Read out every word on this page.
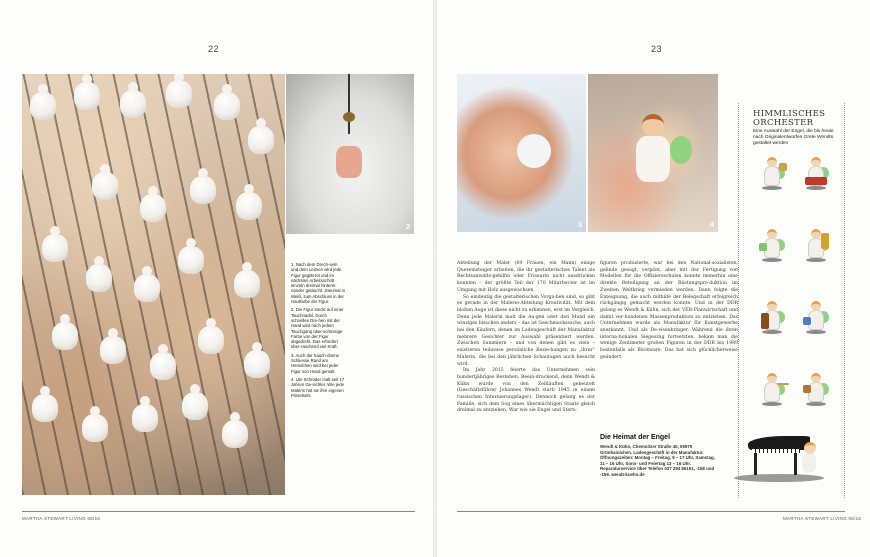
22	23
2	3	4

1. Nach dem Drech-seln und dem Leimen wird jede Figur geglät-tet und im nächsten Arbeitsschritt einzeln dreimal hinterei-nander getaucht. Zweimal in Weiß, zum Abschluss in der Hautfarbe der Figur.

2. Die Figur steckt auf einer Tauchnadel. Durch schnelles Dre-hen mit der Hand wird nach jedem Tauchgang über-schüssige Farbe von der Figur abgedreht. Das erfordert über-raschend viel Kraft.

3. Auch der hauch-dünne Schliesse Rand am Hemdchen wird bei jeder Figur von Hand gemalt.

4. Ute Schröder malt seit 17 Jahren Ge-sichter. Wie jede Malerin hat sie ihre eigenen Pinselsets.

Abteilung der Maler (69 Frauen, ein Mann) einige Quereinsteiger arbeiten, die ihr gestalterisches Talent als Rechtsanwalts-gehilfin oder Friseurin nicht ausdrücken konnten – der größte Teil der 170 Mitarbei-ter ist im Umgang mit Holz ausgewachsen.

So eindeutig die gestalterischen Vorga-ben sind, so gibt es gerade in der Malerei-Abteilung Kreativität. Mit dem bloßen Auge ist diese nicht zu erkennen, erst im Vergleich. Denn jede Malerin malt die Au-gen oder den Mund ein winziges bisschen anders – das ist Geschmackssache, auch bei den Käufern, denen im Ladengeschäft der Manufaktur mehrere Gesichter zur Auswahl präsentiert werden. Zwischen Sammlern – und von denen gibt es viele – existieren teilweise persönliche Bezie-hungen zu „ihrer“ Malerin, die bei den jährlichen Schautagen auch besucht wird.

Im Jahr 2015 feierte das Unternehmen sein hundertjähriges Bestehen. Beein-druckend, denn Wendt & Kühn wurde von den Zeitläuften gebeutelt (Geschäftsführer Johannes Wendt starb 1945 in einem russischen Internierungslager). Dennoch gelang es der Familie, sich dem Sog eines übermächtigen Staats gleich dreimal zu entziehen. War wie sie Engel und Stern-

figuren produzierte, war bei den National-sozialisten, gelinde gesagt, verpönt, aber mit der Fertigung von Modellen für die Offiziersschulen konnte immerhin eine direkte Beteiligung an der Rüstungspro-duktion im Zweiten Weltkrieg vermieden werden. Dann folgte die Enteignung, die auch mithilfe der Belegschaft erfolgreich rückgängig gemacht werden konnte. Und in der DDR gelang es Wendt & Kühn, sich der VEB-Planwirtschaft und damit ver-bundenen Massenproduktion zu entziehen. Das Unternehmen wurde als Manufaktur für Kunstgewerbe anerkannt. Und als De-visenbringer. Während die ihren interna-tionalen Siegeszug fortsetzten, bekam man die wenige Zentimeter großen Figuren in der DDR bis 1989 bestenfalls als Bückware. Das hat sich glücklicherweise geändert.

Die Heimat der Engel
Wendt & Kühn, Chemnitzer Straße 40, 09579 Grünhainichen. Ladengeschäft in der Manufaktur. Öffnungszeiten: Montag – Freitag, 9 – 17 Uhr, Samstag, 11 – 16 Uhr, Sonn- und Feiertag 13 – 16 Uhr. Reparaturservice über Telefon 037 294 86151, -158 und -159. wendt-kuehn.de
HIMMLISCHES
ORCHESTER
Eine Auswahl der Engel, die bis heute nach Originalentwürfen Grete Wendts gestaltet werden
MARTHA STEWART LIVING 06/16	MARTHA STEWART LIVING 06/16
